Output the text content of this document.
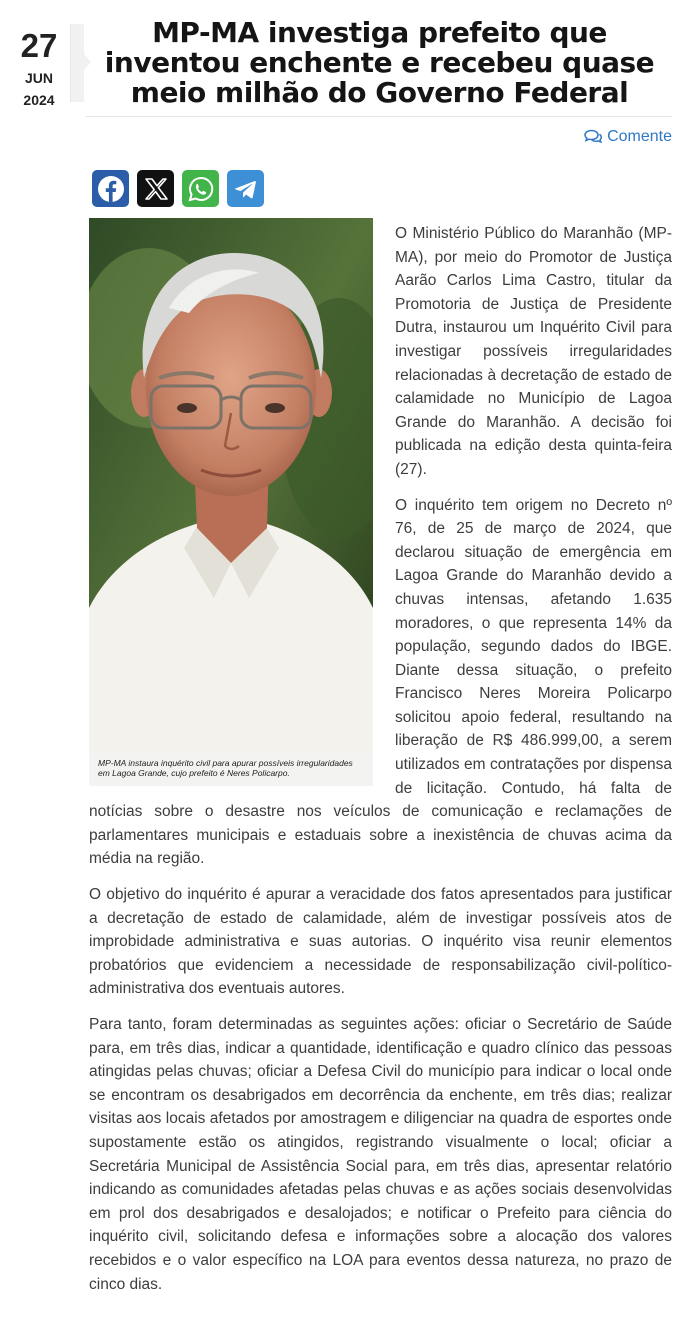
27
JUN
2024
MP-MA investiga prefeito que inventou enchente e recebeu quase meio milhão do Governo Federal
Comente
MP-MA instaura inquérito civil para apurar possíveis irregularidades em Lagoa Grande, cujo prefeito é Neres Policarpo.

O Ministério Público do Maranhão (MP-MA), por meio do Promotor de Justiça Aarão Carlos Lima Castro, titular da Promotoria de Justiça de Presidente Dutra, instaurou um Inquérito Civil para investigar possíveis irregularidades relacionadas à decretação de estado de calamidade no Município de Lagoa Grande do Maranhão. A decisão foi publicada na edição desta quinta-feira (27).

O inquérito tem origem no Decreto nº 76, de 25 de março de 2024, que declarou situação de emergência em Lagoa Grande do Maranhão devido a chuvas intensas, afetando 1.635 moradores, o que representa 14% da população, segundo dados do IBGE. Diante dessa situação, o prefeito Francisco Neres Moreira Policarpo solicitou apoio federal, resultando na liberação de R$ 486.999,00, a serem utilizados em contratações por dispensa de licitação. Contudo, há falta de notícias sobre o desastre nos veículos de comunicação e reclamações de parlamentares municipais e estaduais sobre a inexistência de chuvas acima da média na região.

O objetivo do inquérito é apurar a veracidade dos fatos apresentados para justificar a decretação de estado de calamidade, além de investigar possíveis atos de improbidade administrativa e suas autorias. O inquérito visa reunir elementos probatórios que evidenciem a necessidade de responsabilização civil-político-administrativa dos eventuais autores.

Para tanto, foram determinadas as seguintes ações: oficiar o Secretário de Saúde para, em três dias, indicar a quantidade, identificação e quadro clínico das pessoas atingidas pelas chuvas; oficiar a Defesa Civil do município para indicar o local onde se encontram os desabrigados em decorrência da enchente, em três dias; realizar visitas aos locais afetados por amostragem e diligenciar na quadra de esportes onde supostamente estão os atingidos, registrando visualmente o local; oficiar a Secretária Municipal de Assistência Social para, em três dias, apresentar relatório indicando as comunidades afetadas pelas chuvas e as ações sociais desenvolvidas em prol dos desabrigados e desalojados; e notificar o Prefeito para ciência do inquérito civil, solicitando defesa e informações sobre a alocação dos valores recebidos e o valor específico na LOA para eventos dessa natureza, no prazo de cinco dias.
